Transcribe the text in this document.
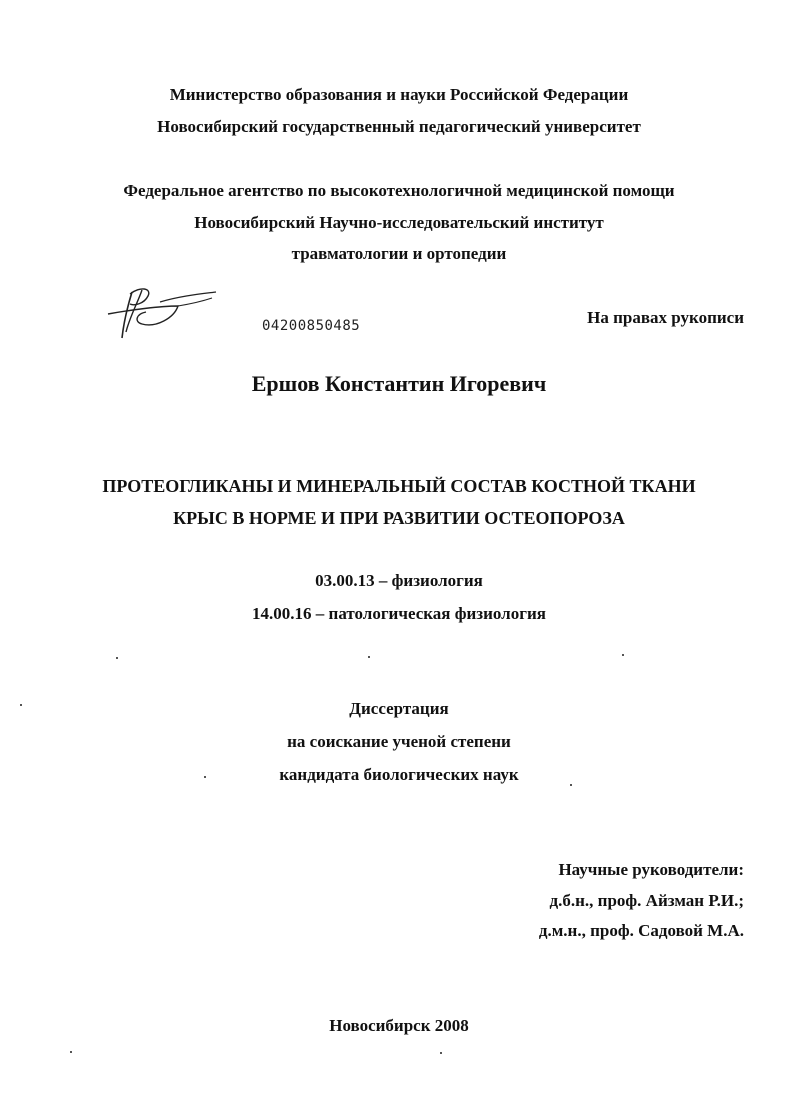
Министерство образования и науки Российской Федерации
Новосибирский государственный педагогический университет
Федеральное агентство по высокотехнологичной медицинской помощи
Новосибирский Научно-исследовательский институт
травматологии и ортопедии
04200850485	На правах рукописи
Ершов Константин Игоревич
ПРОТЕОГЛИКАНЫ И МИНЕРАЛЬНЫЙ СОСТАВ КОСТНОЙ ТКАНИ
КРЫС В НОРМЕ И ПРИ РАЗВИТИИ ОСТЕОПОРОЗА
03.00.13 – физиология
14.00.16 – патологическая физиология
Диссертация
на соискание ученой степени
кандидата биологических наук
Научные руководители:
д.б.н., проф. Айзман Р.И.;
д.м.н., проф. Садовой М.А.
Новосибирск 2008
